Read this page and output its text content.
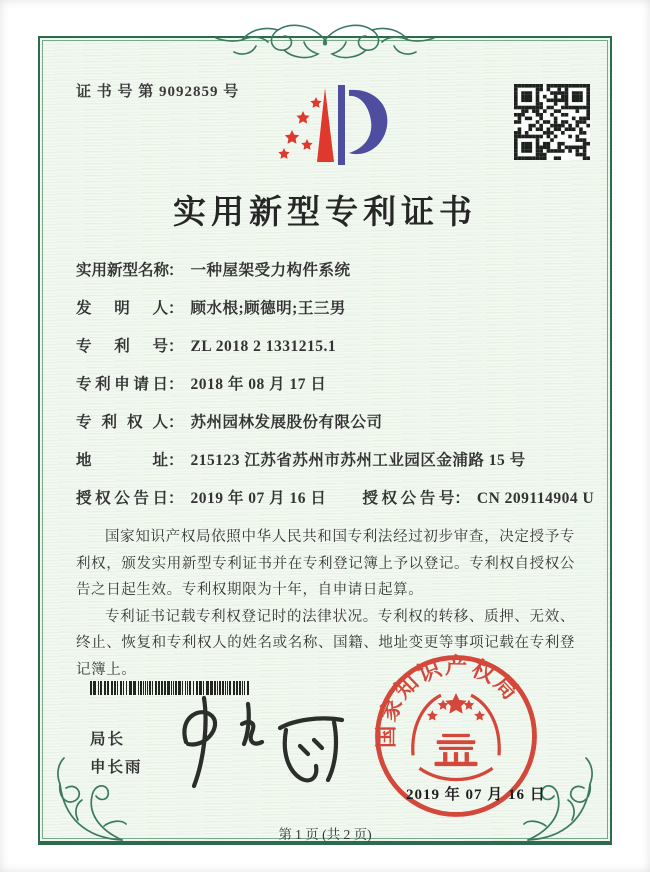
证 书 号 第 9092859 号
实用新型专利证书
实用新型名称
： 一种屋架受力构件系统
发明人 ： 顾水根;顾德明;王三男
专利号 ： ZL 2018 2 1331215.1
专利申请日 ： 2018 年 08 月 17 日
专利权人 ： 苏州园林发展股份有限公司
地址 ： 215123 江苏省苏州市苏州工业园区金浦路 15 号
授权公告日 ： 2019 年 07 月 16 日 授权公告号 ： CN 209114904 U

国家知识产权局依照中华人民共和国专利法经过初步审查，决定授予专利权，颁发实用新型专利证书并在专利登记簿上予以登记。专利权自授权公告之日起生效。专利权期限为十年，自申请日起算。

专利证书记载专利权登记时的法律状况。专利权的转移、质押、无效、终止、恢复和专利权人的姓名或名称、国籍、地址变更等事项记载在专利登记簿上。

局长
申长雨
国家知识产权局
2019 年 07 月 16 日
第 1 页 (共 2 页)
